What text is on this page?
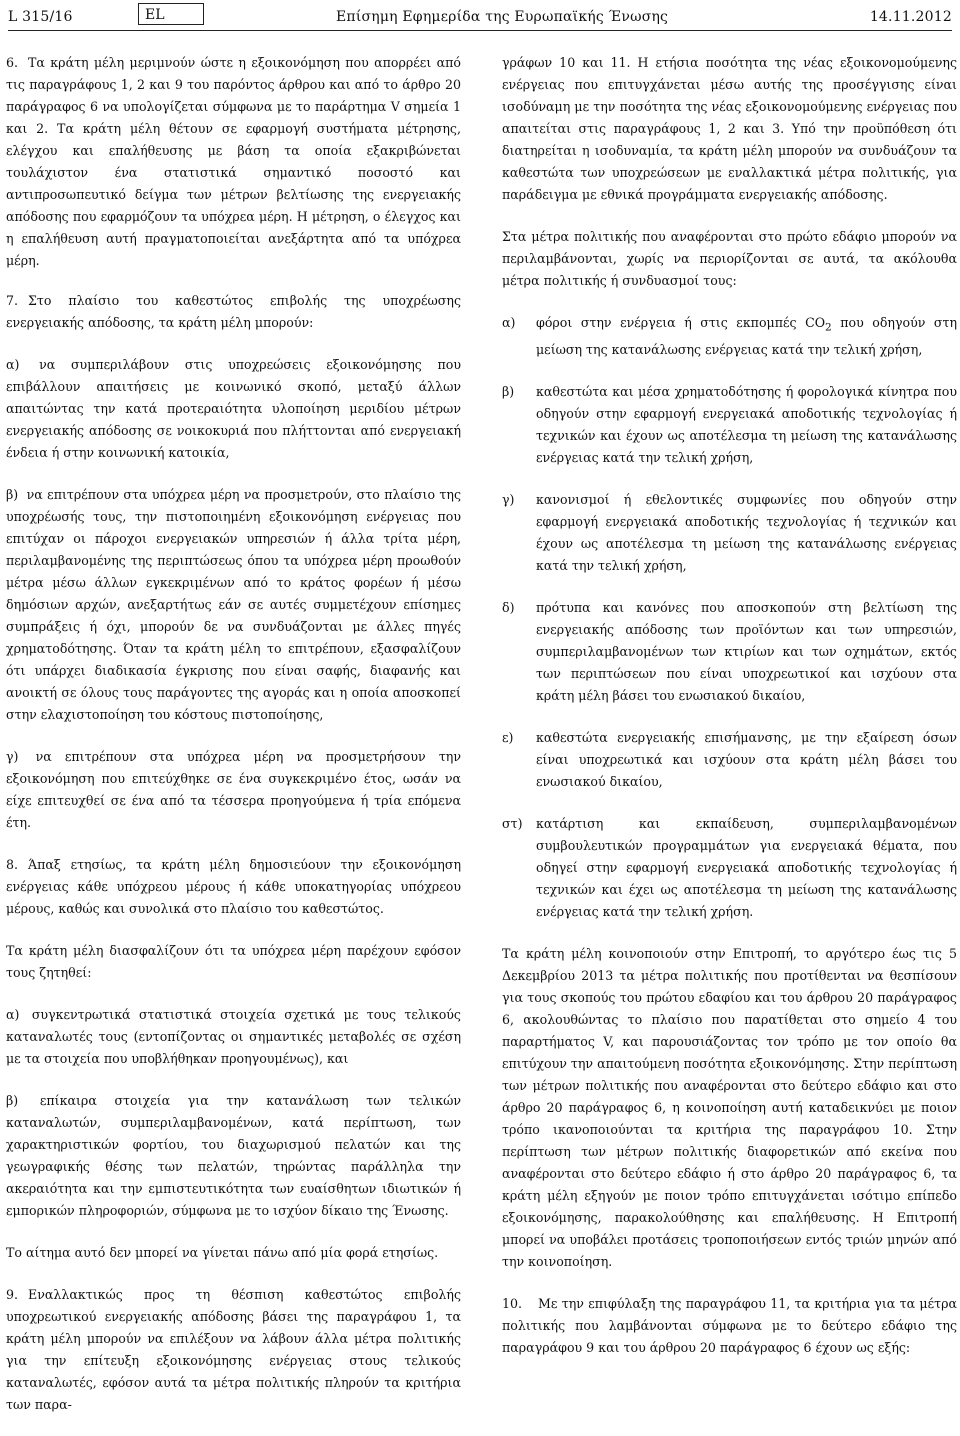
L 315/16	EL	Επίσημη Εφημερίδα της Ευρωπαϊκής Ένωσης	14.11.2012

6. Τα κράτη μέλη μεριμνούν ώστε η εξοικονόμηση που απορρέει από τις παραγράφους 1, 2 και 9 του παρόντος άρθρου και από το άρθρο 20 παράγραφος 6 να υπολογίζεται σύμφωνα με το παράρτημα V σημεία 1 και 2. Τα κράτη μέλη θέτουν σε εφαρμογή συστήματα μέτρησης, ελέγχου και επαλήθευσης με βάση τα οποία εξακριβώνεται τουλάχιστον ένα στατιστικά σημαντικό ποσοστό και αντιπροσωπευτικό δείγμα των μέτρων βελτίωσης της ενεργειακής απόδοσης που εφαρμόζουν τα υπόχρεα μέρη. Η μέτρηση, ο έλεγχος και η επαλήθευση αυτή πραγματοποιείται ανεξάρτητα από τα υπόχρεα μέρη.

7. Στο πλαίσιο του καθεστώτος επιβολής της υποχρέωσης ενεργειακής απόδοσης, τα κράτη μέλη μπορούν:

α) να συμπεριλάβουν στις υποχρεώσεις εξοικονόμησης που επιβάλλουν απαιτήσεις με κοινωνικό σκοπό, μεταξύ άλλων απαιτώντας την κατά προτεραιότητα υλοποίηση μεριδίου μέτρων ενεργειακής απόδοσης σε νοικοκυριά που πλήττονται από ενεργειακή ένδεια ή στην κοινωνική κατοικία,

β) να επιτρέπουν στα υπόχρεα μέρη να προσμετρούν, στο πλαίσιο της υποχρέωσής τους, την πιστοποιημένη εξοικονόμηση ενέργειας που επιτύχαν οι πάροχοι ενεργειακών υπηρεσιών ή άλλα τρίτα μέρη, περιλαμβανομένης της περιπτώσεως όπου τα υπόχρεα μέρη προωθούν μέτρα μέσω άλλων εγκεκριμένων από το κράτος φορέων ή μέσω δημόσιων αρχών, ανεξαρτήτως εάν σε αυτές συμμετέχουν επίσημες συμπράξεις ή όχι, μπορούν δε να συνδυάζονται με άλλες πηγές χρηματοδότησης. Όταν τα κράτη μέλη το επιτρέπουν, εξασφαλίζουν ότι υπάρχει διαδικασία έγκρισης που είναι σαφής, διαφανής και ανοικτή σε όλους τους παράγοντες της αγοράς και η οποία αποσκοπεί στην ελαχιστοποίηση του κόστους πιστοποίησης,

γ) να επιτρέπουν στα υπόχρεα μέρη να προσμετρήσουν την εξοικονόμηση που επιτεύχθηκε σε ένα συγκεκριμένο έτος, ωσάν να είχε επιτευχθεί σε ένα από τα τέσσερα προηγούμενα ή τρία επόμενα έτη.

8. Άπαξ ετησίως, τα κράτη μέλη δημοσιεύουν την εξοικονόμηση ενέργειας κάθε υπόχρεου μέρους ή κάθε υποκατηγορίας υπόχρεου μέρους, καθώς και συνολικά στο πλαίσιο του καθεστώτος.

Τα κράτη μέλη διασφαλίζουν ότι τα υπόχρεα μέρη παρέχουν εφόσον τους ζητηθεί:

α) συγκεντρωτικά στατιστικά στοιχεία σχετικά με τους τελικούς καταναλωτές τους (εντοπίζοντας οι σημαντικές μεταβολές σε σχέση με τα στοιχεία που υποβλήθηκαν προηγουμένως), και

β) επίκαιρα στοιχεία για την κατανάλωση των τελικών καταναλωτών, συμπεριλαμβανομένων, κατά περίπτωση, των χαρακτηριστικών φορτίου, του διαχωρισμού πελατών και της γεωγραφικής θέσης των πελατών, τηρώντας παράλληλα την ακεραιότητα και την εμπιστευτικότητα των ευαίσθητων ιδιωτικών ή εμπορικών πληροφοριών, σύμφωνα με το ισχύον δίκαιο της Ένωσης.

Το αίτημα αυτό δεν μπορεί να γίνεται πάνω από μία φορά ετησίως.

9. Εναλλακτικώς προς τη θέσπιση καθεστώτος επιβολής υποχρεωτικού ενεργειακής απόδοσης βάσει της παραγράφου 1, τα κράτη μέλη μπορούν να επιλέξουν να λάβουν άλλα μέτρα πολιτικής για την επίτευξη εξοικονόμησης ενέργειας στους τελικούς καταναλωτές, εφόσον αυτά τα μέτρα πολιτικής πληρούν τα κριτήρια των παρα-

γράφων 10 και 11. Η ετήσια ποσότητα της νέας εξοικονομούμενης ενέργειας που επιτυγχάνεται μέσω αυτής της προσέγγισης είναι ισοδύναμη με την ποσότητα της νέας εξοικονομούμενης ενέργειας που απαιτείται στις παραγράφους 1, 2 και 3. Υπό την προϋπόθεση ότι διατηρείται η ισοδυναμία, τα κράτη μέλη μπορούν να συνδυάζουν τα καθεστώτα των υποχρεώσεων με εναλλακτικά μέτρα πολιτικής, για παράδειγμα με εθνικά προγράμματα ενεργειακής απόδοσης.

Στα μέτρα πολιτικής που αναφέρονται στο πρώτο εδάφιο μπορούν να περιλαμβάνονται, χωρίς να περιορίζονται σε αυτά, τα ακόλουθα μέτρα πολιτικής ή συνδυασμοί τους:

α) φόροι στην ενέργεια ή στις εκπομπές $CO_2$ που οδηγούν στη μείωση της κατανάλωσης ενέργειας κατά την τελική χρήση,
β) καθεστώτα και μέσα χρηματοδότησης ή φορολογικά κίνητρα που οδηγούν στην εφαρμογή ενεργειακά αποδοτικής τεχνολογίας ή τεχνικών και έχουν ως αποτέλεσμα τη μείωση της κατανάλωσης ενέργειας κατά την τελική χρήση,
γ) κανονισμοί ή εθελοντικές συμφωνίες που οδηγούν στην εφαρμογή ενεργειακά αποδοτικής τεχνολογίας ή τεχνικών και έχουν ως αποτέλεσμα τη μείωση της κατανάλωσης ενέργειας κατά την τελική χρήση,
δ) πρότυπα και κανόνες που αποσκοπούν στη βελτίωση της ενεργειακής απόδοσης των προϊόντων και των υπηρεσιών, συμπεριλαμβανομένων των κτιρίων και των οχημάτων, εκτός των περιπτώσεων που είναι υποχρεωτικοί και ισχύουν στα κράτη μέλη βάσει του ενωσιακού δικαίου,
ε) καθεστώτα ενεργειακής επισήμανσης, με την εξαίρεση όσων είναι υποχρεωτικά και ισχύουν στα κράτη μέλη βάσει του ενωσιακού δικαίου,
στ) κατάρτιση και εκπαίδευση, συμπεριλαμβανομένων συμβουλευτικών προγραμμάτων για ενεργειακά θέματα, που οδηγεί στην εφαρμογή ενεργειακά αποδοτικής τεχνολογίας ή τεχνικών και έχει ως αποτέλεσμα τη μείωση της κατανάλωσης ενέργειας κατά την τελική χρήση.

Τα κράτη μέλη κοινοποιούν στην Επιτροπή, το αργότερο έως τις 5 Δεκεμβρίου 2013 τα μέτρα πολιτικής που προτίθενται να θεσπίσουν για τους σκοπούς του πρώτου εδαφίου και του άρθρου 20 παράγραφος 6, ακολουθώντας το πλαίσιο που παρατίθεται στο σημείο 4 του παραρτήματος V, και παρουσιάζοντας τον τρόπο με τον οποίο θα επιτύχουν την απαιτούμενη ποσότητα εξοικονόμησης. Στην περίπτωση των μέτρων πολιτικής που αναφέρονται στο δεύτερο εδάφιο και στο άρθρο 20 παράγραφος 6, η κοινοποίηση αυτή καταδεικνύει με ποιον τρόπο ικανοποιούνται τα κριτήρια της παραγράφου 10. Στην περίπτωση των μέτρων πολιτικής διαφορετικών από εκείνα που αναφέρονται στο δεύτερο εδάφιο ή στο άρθρο 20 παράγραφος 6, τα κράτη μέλη εξηγούν με ποιον τρόπο επιτυγχάνεται ισότιμο επίπεδο εξοικονόμησης, παρακολούθησης και επαλήθευσης. Η Επιτροπή μπορεί να υποβάλει προτάσεις τροποποιήσεων εντός τριών μηνών από την κοινοποίηση.

10. Με την επιφύλαξη της παραγράφου 11, τα κριτήρια για τα μέτρα πολιτικής που λαμβάνονται σύμφωνα με το δεύτερο εδάφιο της παραγράφου 9 και του άρθρου 20 παράγραφος 6 έχουν ως εξής:
